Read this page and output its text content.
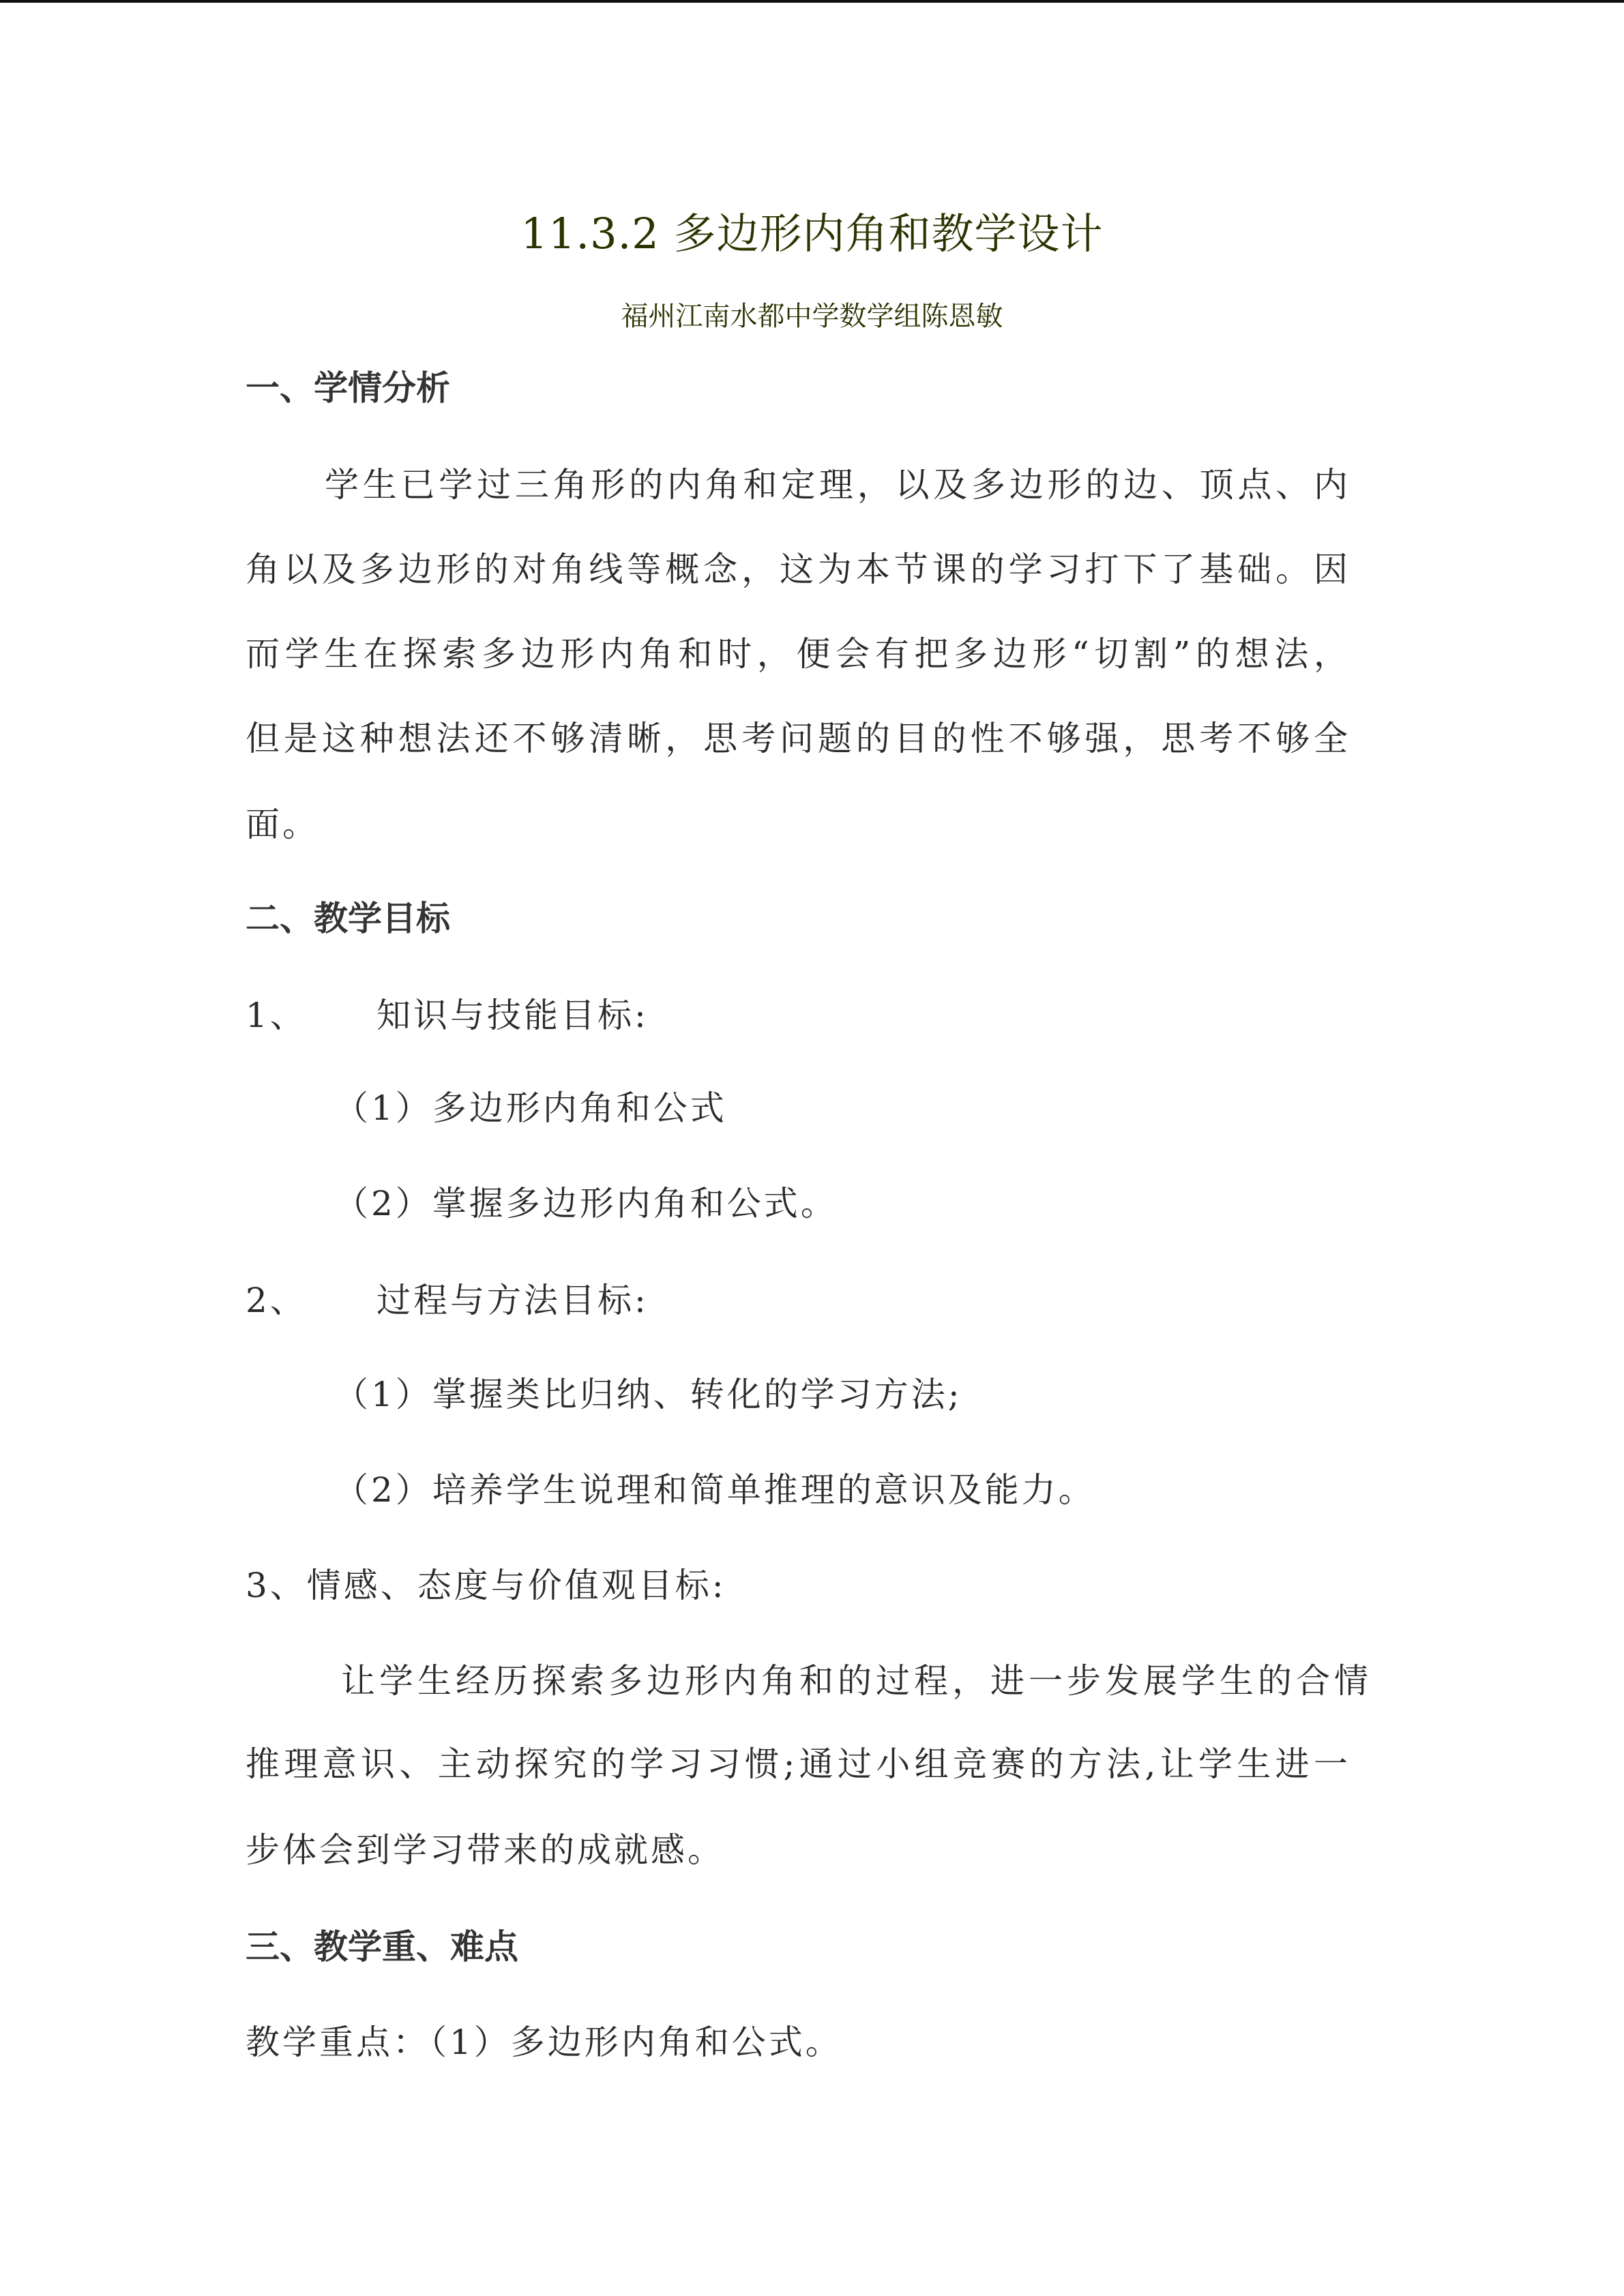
11.3.2 多边形内角和教学设计
福州江南水都中学数学组陈恩敏
一、学情分析
学生已学过三角形的内角和定理，以及多边形的边、顶点、内
角以及多边形的对角线等概念，这为本节课的学习打下了基础。因
而学生在探索多边形内角和时，便会有把多边形“切割”的想法，
但是这种想法还不够清晰，思考问题的目的性不够强，思考不够全
面。
二、教学目标
1、 知识与技能目标:
（1）多边形内角和公式
（2）掌握多边形内角和公式。
2、 过程与方法目标:
（1）掌握类比归纳、转化的学习方法;
（2）培养学生说理和简单推理的意识及能力。
3、情感、态度与价值观目标:
让学生经历探索多边形内角和的过程，进一步发展学生的合情
推理意识、主动探究的学习习惯;通过小组竞赛的方法,让学生进一
步体会到学习带来的成就感。
三、教学重、难点
教学重点：（1）多边形内角和公式。
